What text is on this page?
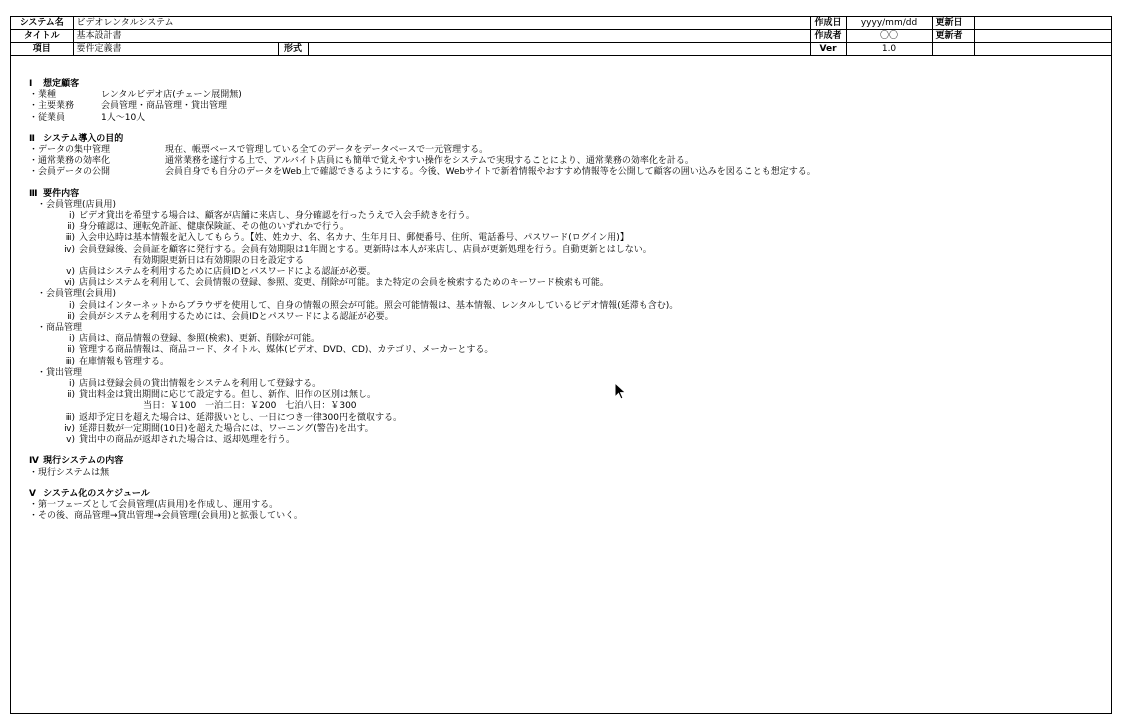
システム名	ビデオレンタルシステム			作成日	yyyy/mm/dd	更新日	
タイトル	基本設計書			作成者	〇〇	更新者	
項目	要件定義書	形式		Ver	1.0		
Ⅰ 想定顧客
・業種	レンタルビデオ店(チェーン展開無)
・主要業務	会員管理・商品管理・貸出管理
・従業員	1人～10人
Ⅱ システム導入の目的
・データの集中管理	現在、帳票ベースで管理している全てのデータをデータベースで一元管理する。
・通常業務の効率化	通常業務を遂行する上で、アルバイト店員にも簡単で覚えやすい操作をシステムで実現することにより、通常業務の効率化を計る。
・会員データの公開	会員自身でも自分のデータをWeb上で確認できるようにする。今後、Webサイトで新着情報やおすすめ情報等を公開して顧客の囲い込みを図ることも想定する。
Ⅲ 要件内容
・会員管理(店員用)
ⅰ) ビデオ貸出を希望する場合は、顧客が店舗に来店し、身分確認を行ったうえで入会手続きを行う。
ⅱ) 身分確認は、運転免許証、健康保険証、その他のいずれかで行う。
ⅲ) 入会申込時は基本情報を記入してもらう。【姓、姓カナ、名、名カナ、生年月日、郵便番号、住所、電話番号、パスワード(ログイン用)】
ⅳ) 会員登録後、会員証を顧客に発行する。会員有効期限は1年間とする。更新時は本人が来店し、店員が更新処理を行う。自動更新とはしない。
有効期限更新日は有効期限の日を設定する
ⅴ) 店員はシステムを利用するために店員IDとパスワードによる認証が必要。
ⅵ) 店員はシステムを利用して、会員情報の登録、参照、変更、削除が可能。また特定の会員を検索するためのキーワード検索も可能。
・会員管理(会員用)
ⅰ) 会員はインターネットからブラウザを使用して、自身の情報の照会が可能。照会可能情報は、基本情報、レンタルしているビデオ情報(延滞も含む)。
ⅱ) 会員がシステムを利用するためには、会員IDとパスワードによる認証が必要。
・商品管理
ⅰ) 店員は、商品情報の登録、参照(検索)、更新、削除が可能。
ⅱ) 管理する商品情報は、商品コード、タイトル、媒体(ビデオ、DVD、CD)、カテゴリ、メーカーとする。
ⅲ) 在庫情報も管理する。
・貸出管理
ⅰ) 店員は登録会員の貸出情報をシステムを利用して登録する。
ⅱ) 貸出料金は貸出期間に応じて設定する。但し、新作、旧作の区別は無し。
当日：￥100　一泊二日：￥200　七泊八日：￥300
ⅲ) 返却予定日を超えた場合は、延滞扱いとし、一日につき一律300円を徴収する。
ⅳ) 延滞日数が一定期間(10日)を超えた場合には、ワーニング(警告)を出す。
ⅴ) 貸出中の商品が返却された場合は、返却処理を行う。
Ⅳ 現行システムの内容
・現行システムは無
Ⅴ システム化のスケジュール
・第一フェーズとして会員管理(店員用)を作成し、運用する。
・その後、商品管理→貸出管理→会員管理(会員用)と拡張していく。
